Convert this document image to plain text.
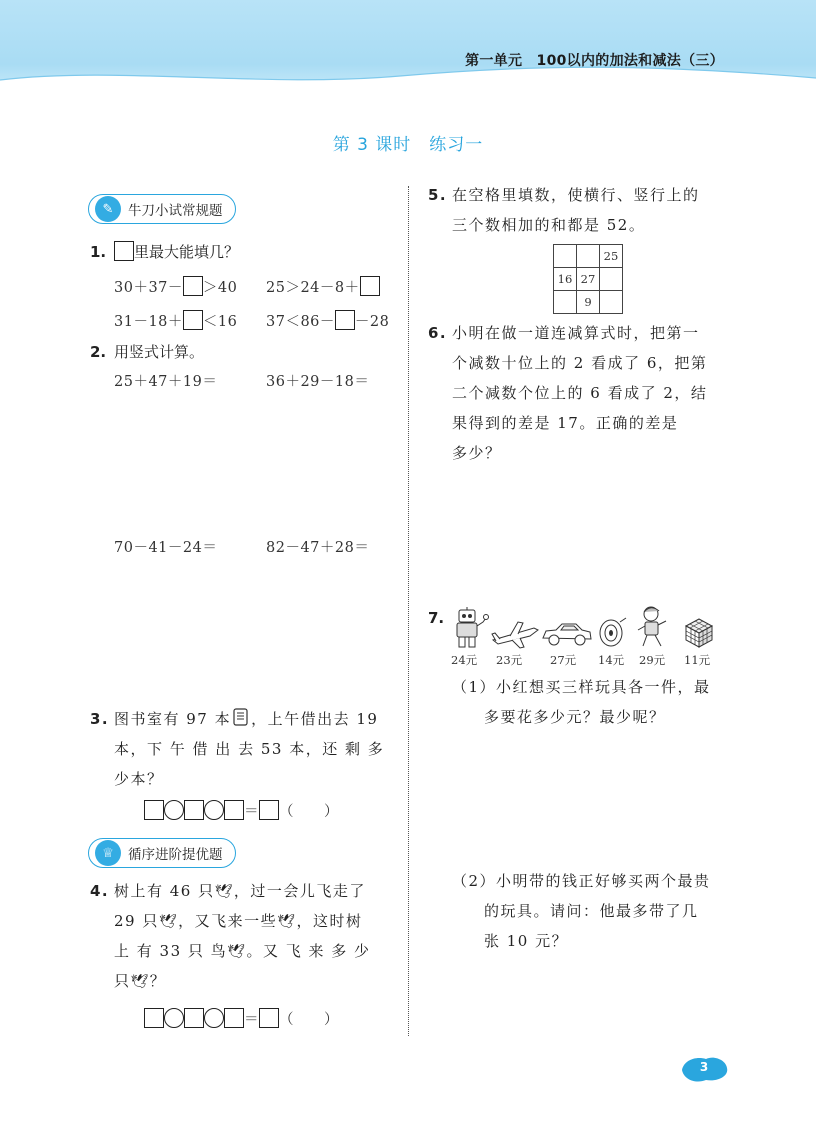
第一单元　100以内的加法和减法（三）
第 3 课时　练习一
✎	牛刀小试常规题
1. 里最大能填几？
30＋37－ ＞40 25＞24－8＋
31－18＋ ＜16 37＜86－ －28
2. 用竖式计算。
25＋47＋19＝	36＋29－18＝
70－41－24＝	82－47＋28＝
3. 图书室有 97 本 ，上午借出去 19
本，下 午 借 出 去 53 本，还 剩 多
少本？
＝ （　　）
♕	循序进阶提优题
4. 树上有 46 只🕊，过一会儿飞走了
29 只🕊，又飞来一些🕊，这时树
上 有 33 只 鸟🕊。又 飞 来 多 少
只🕊？
＝ （　　）
5. 在空格里填数，使横行、竖行上的
三个数相加的和都是 52。
		25
16	27	
	9	
6. 小明在做一道连减算式时，把第一
个减数十位上的 2 看成了 6，把第
二个减数个位上的 6 看成了 2，结
果得到的差是 17。正确的差是
多少？
7.
24元 23元 27元 14元 29元 11元
（1）小红想买三样玩具各一件，最
多要花多少元？最少呢？
（2）小明带的钱正好够买两个最贵
的玩具。请问：他最多带了几
张 10 元？
3
